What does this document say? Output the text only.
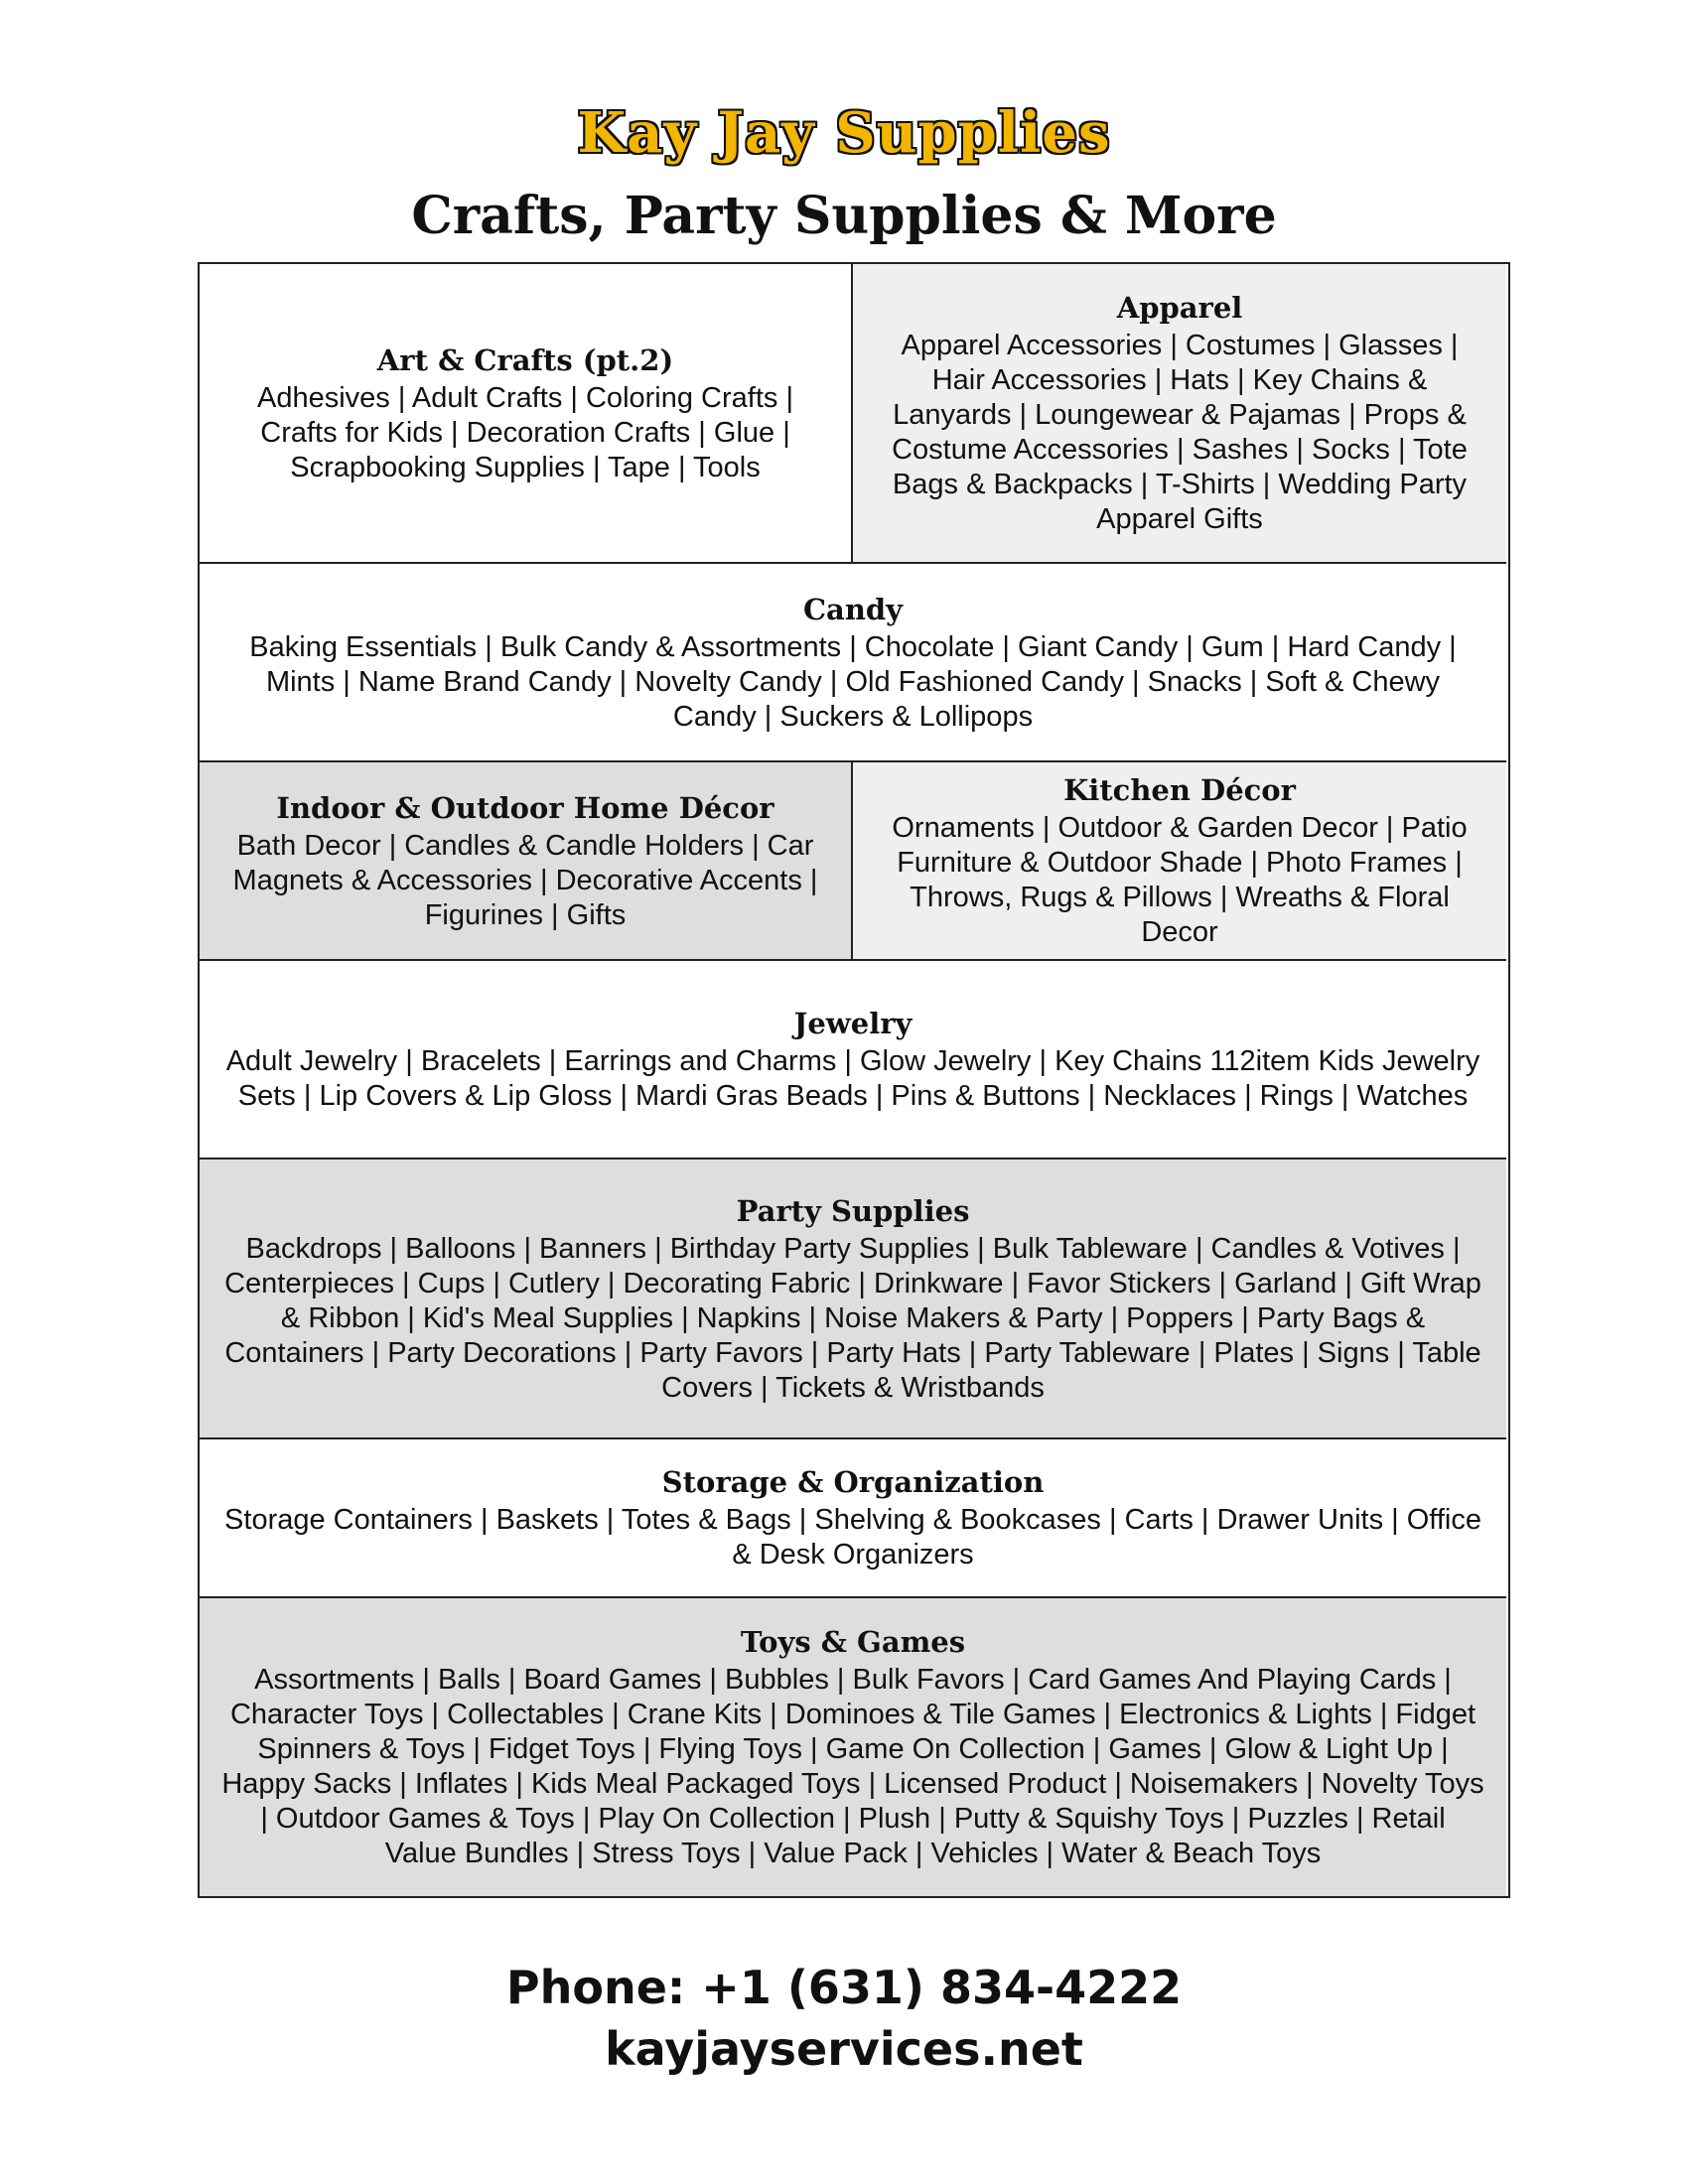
Kay Jay Supplies
Crafts, Party Supplies & More
Art & Crafts (pt.2)
Adhesives | Adult Crafts | Coloring Crafts | Crafts for Kids | Decoration Crafts | Glue | Scrapbooking Supplies | Tape | Tools
Apparel
Apparel Accessories | Costumes | Glasses | Hair Accessories | Hats | Key Chains & Lanyards | Loungewear & Pajamas | Props & Costume Accessories | Sashes | Socks | Tote Bags & Backpacks | T-Shirts | Wedding Party Apparel Gifts
Candy
Baking Essentials | Bulk Candy & Assortments | Chocolate | Giant Candy | Gum | Hard Candy | Mints | Name Brand Candy | Novelty Candy | Old Fashioned Candy | Snacks | Soft & Chewy Candy | Suckers & Lollipops
Indoor & Outdoor Home Décor
Bath Decor | Candles & Candle Holders | Car Magnets & Accessories | Decorative Accents | Figurines | Gifts
Kitchen Décor
Ornaments | Outdoor & Garden Decor | Patio Furniture & Outdoor Shade | Photo Frames | Throws, Rugs & Pillows | Wreaths & Floral Decor
Jewelry
Adult Jewelry | Bracelets | Earrings and Charms | Glow Jewelry | Key Chains 112item Kids Jewelry Sets | Lip Covers & Lip Gloss | Mardi Gras Beads | Pins & Buttons | Necklaces | Rings | Watches
Party Supplies
Backdrops | Balloons | Banners | Birthday Party Supplies | Bulk Tableware | Candles & Votives | Centerpieces | Cups | Cutlery | Decorating Fabric | Drinkware | Favor Stickers | Garland | Gift Wrap & Ribbon | Kid's Meal Supplies | Napkins | Noise Makers & Party | Poppers | Party Bags & Containers | Party Decorations | Party Favors | Party Hats | Party Tableware | Plates | Signs | Table Covers | Tickets & Wristbands
Storage & Organization
Storage Containers | Baskets | Totes & Bags | Shelving & Bookcases | Carts | Drawer Units | Office & Desk Organizers
Toys & Games
Assortments | Balls | Board Games | Bubbles | Bulk Favors | Card Games And Playing Cards | Character Toys | Collectables | Crane Kits | Dominoes & Tile Games | Electronics & Lights | Fidget Spinners & Toys | Fidget Toys | Flying Toys | Game On Collection | Games | Glow & Light Up | Happy Sacks | Inflates | Kids Meal Packaged Toys | Licensed Product | Noisemakers | Novelty Toys | Outdoor Games & Toys | Play On Collection | Plush | Putty & Squishy Toys | Puzzles | Retail Value Bundles | Stress Toys | Value Pack | Vehicles | Water & Beach Toys
Phone: +1 (631) 834-4222
kayjayservices.net
